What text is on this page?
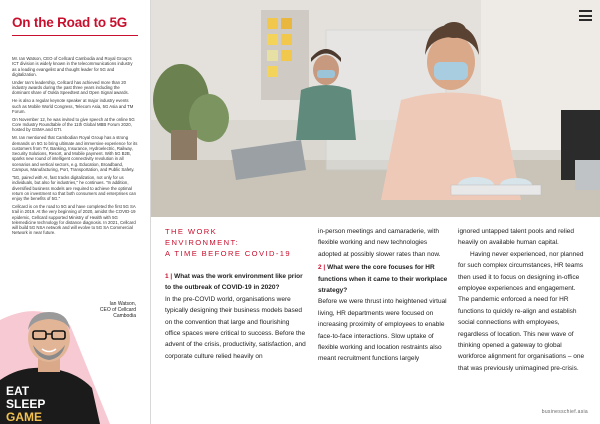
On the Road to 5G

Mr. Ian Watson, CEO of Cellcard Cambodia and Royal Group's ICT division is widely known in the telecommunications industry as a leading evangelist and thought leader for 5G and digitalization.

Under Ian's leadership, Cellcard has achieved more than 20 industry awards during the past three years including the dominant share of Ookla Speedtest and Open Signal awards.

He is also a regular keynote speaker at major industry events such as Mobile World Congress, Telecom Asia, 5G Asia and TM Forum.

On November 12, he was invited to give speech at the online 5G Core Industry Roundtable of the 11th Global MBB Forum 2020, hosted by GSMA and GTI.

Mr. Ian mentioned that Cambodian Royal Group has a strong demands on 5G to bring ultimate and immersive experience for its customers from TV, Banking, Insurance, Hydroelectric, Railway, Security Solutions, Resort, and Mobile payment. With 5G B2B, sparks new round of intelligent connectivity revolution in all scenarios and vertical sectors, e.g. Education, Broadband, Campus, Manufacturing, Port, Transportation, and Public Safety.

"5G, paired with AI, fast tracks digitalization, not only for us individuals, but also for industries," he continues. "In addition, diversified business models are required to achieve the optimal return on investment so that both consumers and enterprises can enjoy the benefits of 5G."

Cellcard is on the road to 5G and have completed the first 5G SA trail in 2019. At the very beginning of 2020, amidst the COVID-19 epidemic, Cellcard supported Ministry of Health with 5G telemedicine technology for distance diagnosis. In 2021, Cellcard will build 5G NSA network and will evolve to 5G SA Commercial Network in near future.

EAT
SLEEP
GAME
Ian Watson,
CEO of Cellcard
Cambodia
THE WORK
ENVIRONMENT:
A TIME BEFORE COVID-19

1 | What was the work environment like prior to the outbreak of COVID-19 in 2020?

In the pre-COVID world, organisations were typically designing their business models based on the convention that large and flourishing office spaces were critical to success. Before the advent of the crisis, productivity, satisfaction, and corporate culture relied heavily on

in-person meetings and camaraderie, with flexible working and new technologies adopted at possibly slower rates than now.

2 | What were the core focuses for HR functions when it came to their workplace strategy?

Before we were thrust into heightened virtual living, HR departments were focused on increasing proximity of employees to enable face-to-face interactions. Slow uptake of flexible working and location restraints also meant recruitment functions largely

ignored untapped talent pools and relied heavily on available human capital.

Having never experienced, nor planned for such complex circumstances, HR teams then used it to focus on designing in-office employee experiences and engagement. The pandemic enforced a need for HR functions to quickly re-align and establish social connections with employees, regardless of location. This new wave of thinking opened a gateway to global workforce alignment for organisations – one that was previously unimagined pre-crisis.

businesschief.asia
